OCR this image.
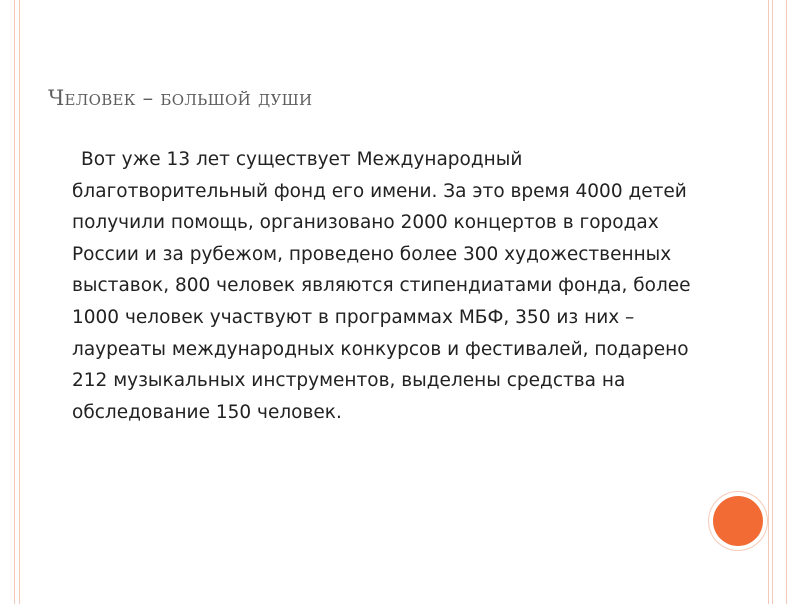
Человек – большой души
Вот уже 13 лет существует Международный благотворительный фонд его имени. За это время 4000 детей получили помощь, организовано 2000 концертов в городах России и за рубежом, проведено более 300 художественных выставок, 800 человек являются стипендиатами фонда, более 1000 человек участвуют в программах МБФ, 350 из них – лауреаты международных конкурсов и фестивалей, подарено 212 музыкальных инструментов, выделены средства на обследование 150 человек.
